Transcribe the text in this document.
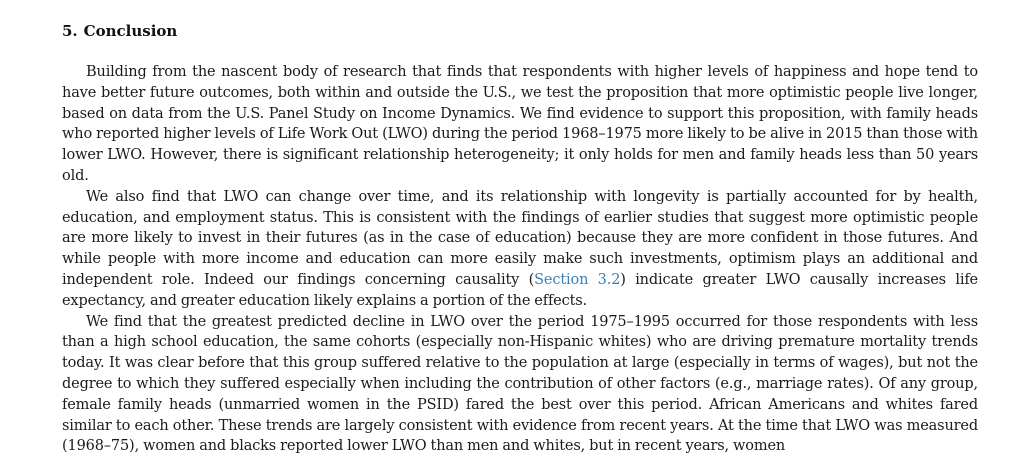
5. Conclusion

Building from the nascent body of research that finds that respondents with higher levels of happiness and hope tend to have better future outcomes, both within and outside the U.S., we test the proposition that more optimistic people live longer, based on data from the U.S. Panel Study on Income Dynamics. We find evidence to support this proposition, with family heads who reported higher levels of Life Work Out (LWO) during the period 1968–1975 more likely to be alive in 2015 than those with lower LWO. However, there is significant relationship heterogeneity; it only holds for men and family heads less than 50 years old.

We also find that LWO can change over time, and its relationship with longevity is partially accounted for by health, education, and employment status. This is consistent with the findings of earlier studies that suggest more optimistic people are more likely to invest in their futures (as in the case of education) because they are more confident in those futures. And while people with more income and education can more easily make such investments, optimism plays an additional and independent role. Indeed our findings concerning causality (Section 3.2) indicate greater LWO causally increases life expectancy, and greater education likely explains a portion of the effects.

We find that the greatest predicted decline in LWO over the period 1975–1995 occurred for those respondents with less than a high school education, the same cohorts (especially non-Hispanic whites) who are driving premature mortality trends today. It was clear before that this group suffered relative to the population at large (especially in terms of wages), but not the degree to which they suffered especially when including the contribution of other factors (e.g., marriage rates). Of any group, female family heads (unmarried women in the PSID) fared the best over this period. African Americans and whites fared similar to each other. These trends are largely consistent with evidence from recent years. At the time that LWO was measured (1968–75), women and blacks reported lower LWO than men and whites, but in recent years, women
